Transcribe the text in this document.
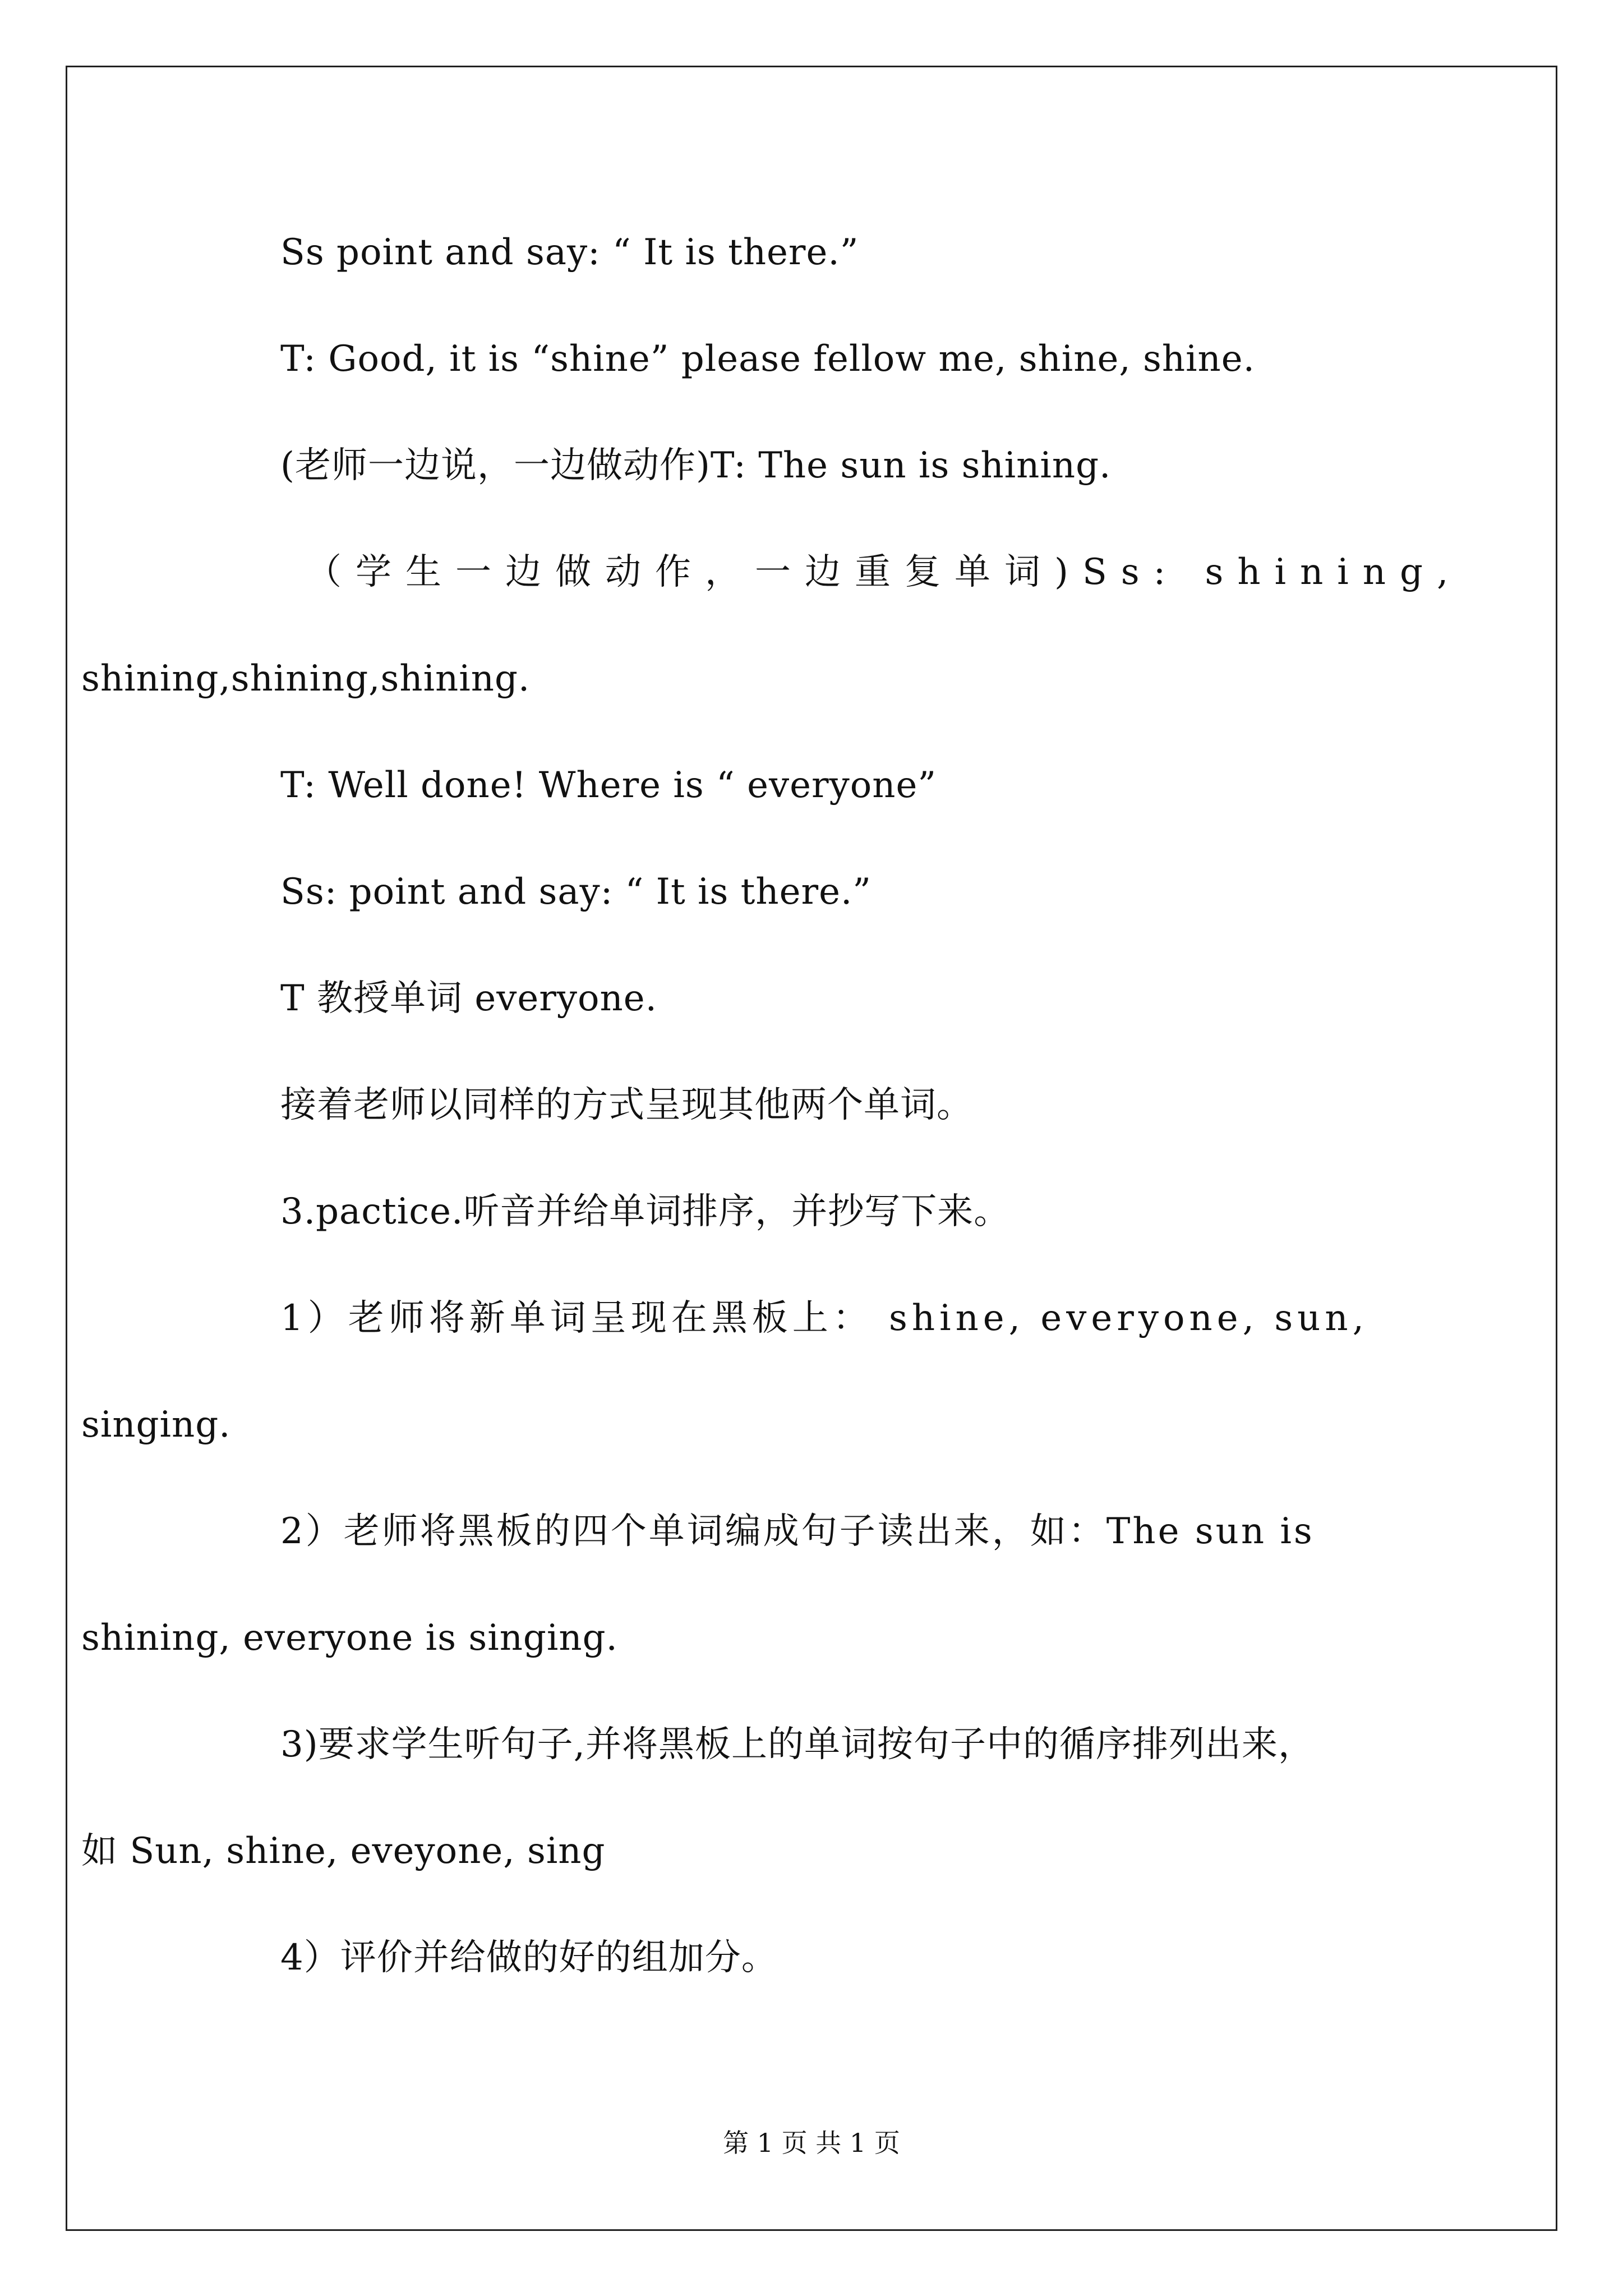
Ss point and say: “ It is there.”
T: Good, it is “shine” please fellow me, shine, shine.
(老师一边说，一边做动作)T: The sun is shining.
（学生一边做动作，一边重复单词)Ss: shining,
shining,shining,shining.
T: Well done! Where is “ everyone”
Ss: point and say: “ It is there.”
T 教授单词 everyone.
接着老师以同样的方式呈现其他两个单词。
3.pactice.听音并给单词排序，并抄写下来。
1）老师将新单词呈现在黑板上： shine, everyone, sun,
singing.
2）老师将黑板的四个单词编成句子读出来，如：The sun is
shining, everyone is singing.
3)要求学生听句子,并将黑板上的单词按句子中的循序排列出来，
如 Sun, shine, eveyone, sing
4）评价并给做的好的组加分。
第 1 页 共 1 页
